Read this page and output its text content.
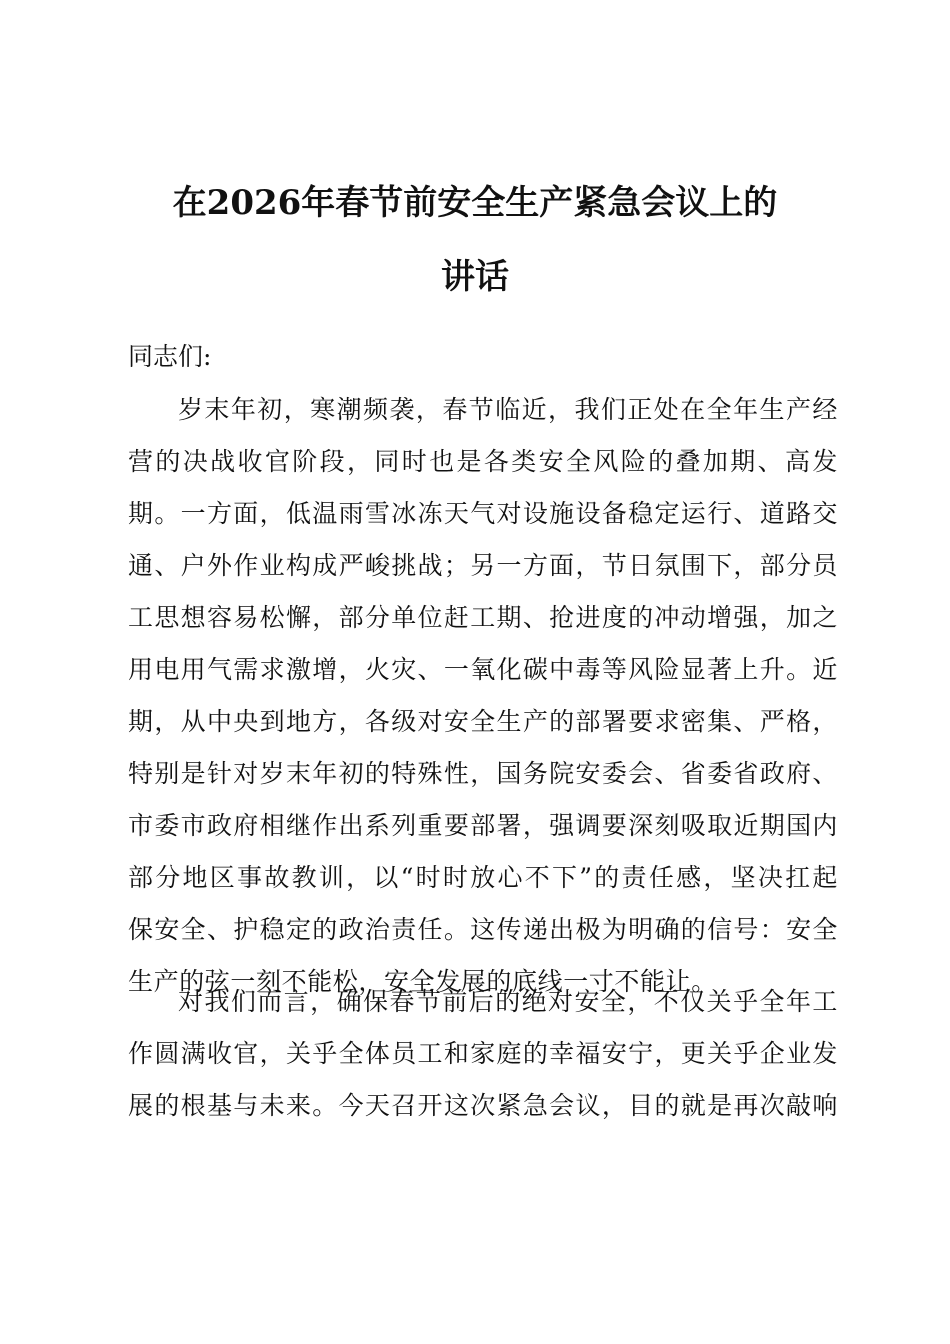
在2026年春节前安全生产紧急会议上的
讲话
同志们:
岁末年初，寒潮频袭，春节临近，我们正处在全年生产经
营的决战收官阶段，同时也是各类安全风险的叠加期、高发
期。一方面，低温雨雪冰冻天气对设施设备稳定运行、道路交
通、户外作业构成严峻挑战；另一方面，节日氛围下，部分员
工思想容易松懈，部分单位赶工期、抢进度的冲动增强，加之
用电用气需求激增，火灾、一氧化碳中毒等风险显著上升。近
期，从中央到地方，各级对安全生产的部署要求密集、严格，
特别是针对岁末年初的特殊性，国务院安委会、省委省政府、
市委市政府相继作出系列重要部署，强调要深刻吸取近期国内
部分地区事故教训，以“时时放心不下”的责任感，坚决扛起
保安全、护稳定的政治责任。这传递出极为明确的信号：安全
生产的弦一刻不能松，安全发展的底线一寸不能让。
对我们而言，确保春节前后的绝对安全，不仅关乎全年工
作圆满收官，关乎全体员工和家庭的幸福安宁，更关乎企业发
展的根基与未来。今天召开这次紧急会议，目的就是再次敲响
